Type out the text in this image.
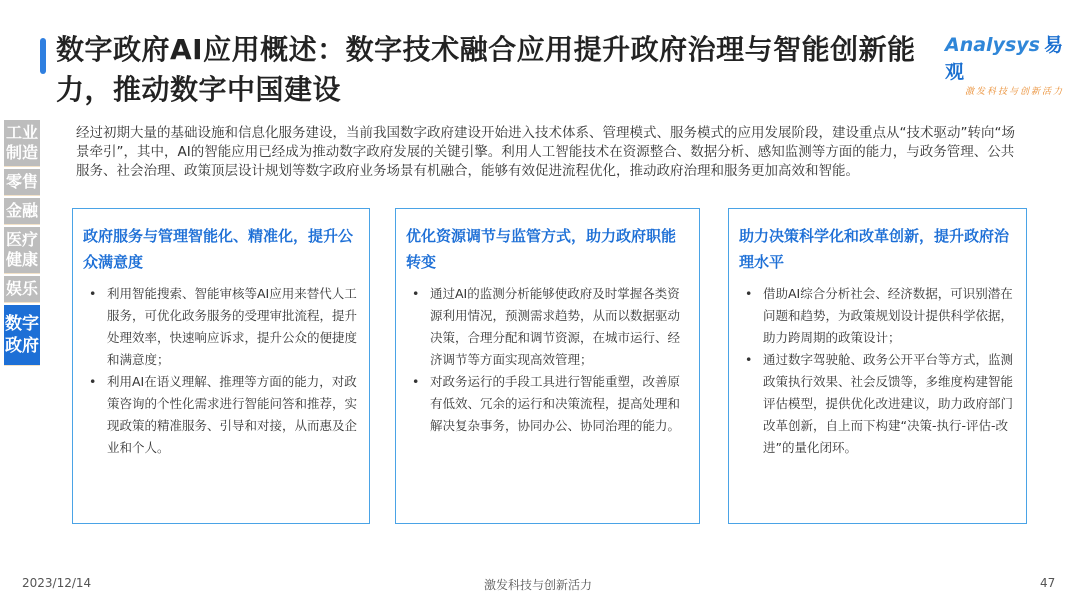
数字政府AI应用概述：数字技术融合应用提升政府治理与智能创新能力，推动数字中国建设
Analysys 易观
激发科技与创新活力
工业制造
零售
金融
医疗健康
娱乐
数字政府
经过初期大量的基础设施和信息化服务建设，当前我国数字政府建设开始进入技术体系、管理模式、服务模式的应用发展阶段，建设重点从“技术驱动”转向“场景牵引”，其中，AI的智能应用已经成为推动数字政府发展的关键引擎。利用人工智能技术在资源整合、数据分析、感知监测等方面的能力，与政务管理、公共服务、社会治理、政策顶层设计规划等数字政府业务场景有机融合，能够有效促进流程优化，推动政府治理和服务更加高效和智能。
政府服务与管理智能化、精准化，提升公众满意度
• 利用智能搜索、智能审核等AI应用来替代人工服务，可优化政务服务的受理审批流程，提升处理效率，快速响应诉求，提升公众的便捷度和满意度；
• 利用AI在语义理解、推理等方面的能力，对政策咨询的个性化需求进行智能问答和推荐，实现政策的精准服务、引导和对接，从而惠及企业和个人。
优化资源调节与监管方式，助力政府职能转变
• 通过AI的监测分析能够使政府及时掌握各类资源利用情况，预测需求趋势，从而以数据驱动决策，合理分配和调节资源，在城市运行、经济调节等方面实现高效管理；
• 对政务运行的手段工具进行智能重塑，改善原有低效、冗余的运行和决策流程，提高处理和解决复杂事务，协同办公、协同治理的能力。
助力决策科学化和改革创新，提升政府治理水平
• 借助AI综合分析社会、经济数据，可识别潜在问题和趋势，为政策规划设计提供科学依据，助力跨周期的政策设计；
• 通过数字驾驶舱、政务公开平台等方式，监测政策执行效果、社会反馈等，多维度构建智能评估模型，提供优化改进建议，助力政府部门改革创新，自上而下构建“决策-执行-评估-改进”的量化闭环。
2023/12/14	激发科技与创新活力	47
